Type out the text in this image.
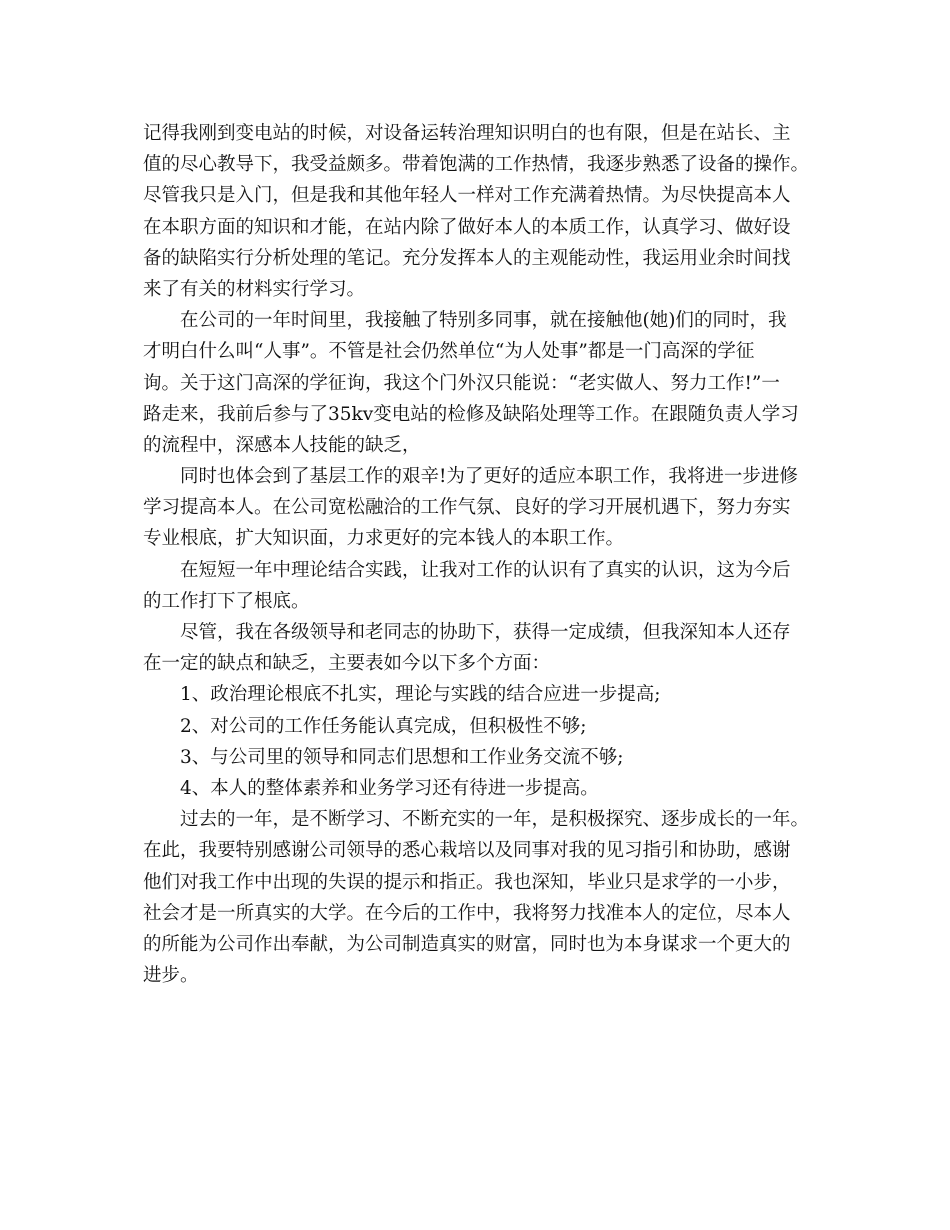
记得我刚到变电站的时候，对设备运转治理知识明白的也有限，但是在站长、主
值的尽心教导下，我受益颇多。带着饱满的工作热情，我逐步熟悉了设备的操作。
尽管我只是入门，但是我和其他年轻人一样对工作充满着热情。为尽快提高本人
在本职方面的知识和才能，在站内除了做好本人的本质工作，认真学习、做好设
备的缺陷实行分析处理的笔记。充分发挥本人的主观能动性，我运用业余时间找
来了有关的材料实行学习。
在公司的一年时间里，我接触了特别多同事，就在接触他(她)们的同时，我
才明白什么叫“人事”。不管是社会仍然单位“为人处事”都是一门高深的学征
询。关于这门高深的学征询，我这个门外汉只能说：“老实做人、努力工作!”一
路走来，我前后参与了35kv变电站的检修及缺陷处理等工作。在跟随负责人学习
的流程中，深感本人技能的缺乏，
同时也体会到了基层工作的艰辛!为了更好的适应本职工作，我将进一步进修
学习提高本人。在公司宽松融洽的工作气氛、良好的学习开展机遇下，努力夯实
专业根底，扩大知识面，力求更好的完本钱人的本职工作。
在短短一年中理论结合实践，让我对工作的认识有了真实的认识，这为今后
的工作打下了根底。
尽管，我在各级领导和老同志的协助下，获得一定成绩，但我深知本人还存
在一定的缺点和缺乏，主要表如今以下多个方面：
1、政治理论根底不扎实，理论与实践的结合应进一步提高;
2、对公司的工作任务能认真完成，但积极性不够;
3、与公司里的领导和同志们思想和工作业务交流不够;
4、本人的整体素养和业务学习还有待进一步提高。
过去的一年，是不断学习、不断充实的一年，是积极探究、逐步成长的一年。
在此，我要特别感谢公司领导的悉心栽培以及同事对我的见习指引和协助，感谢
他们对我工作中出现的失误的提示和指正。我也深知，毕业只是求学的一小步，
社会才是一所真实的大学。在今后的工作中，我将努力找准本人的定位，尽本人
的所能为公司作出奉献，为公司制造真实的财富，同时也为本身谋求一个更大的
进步。
